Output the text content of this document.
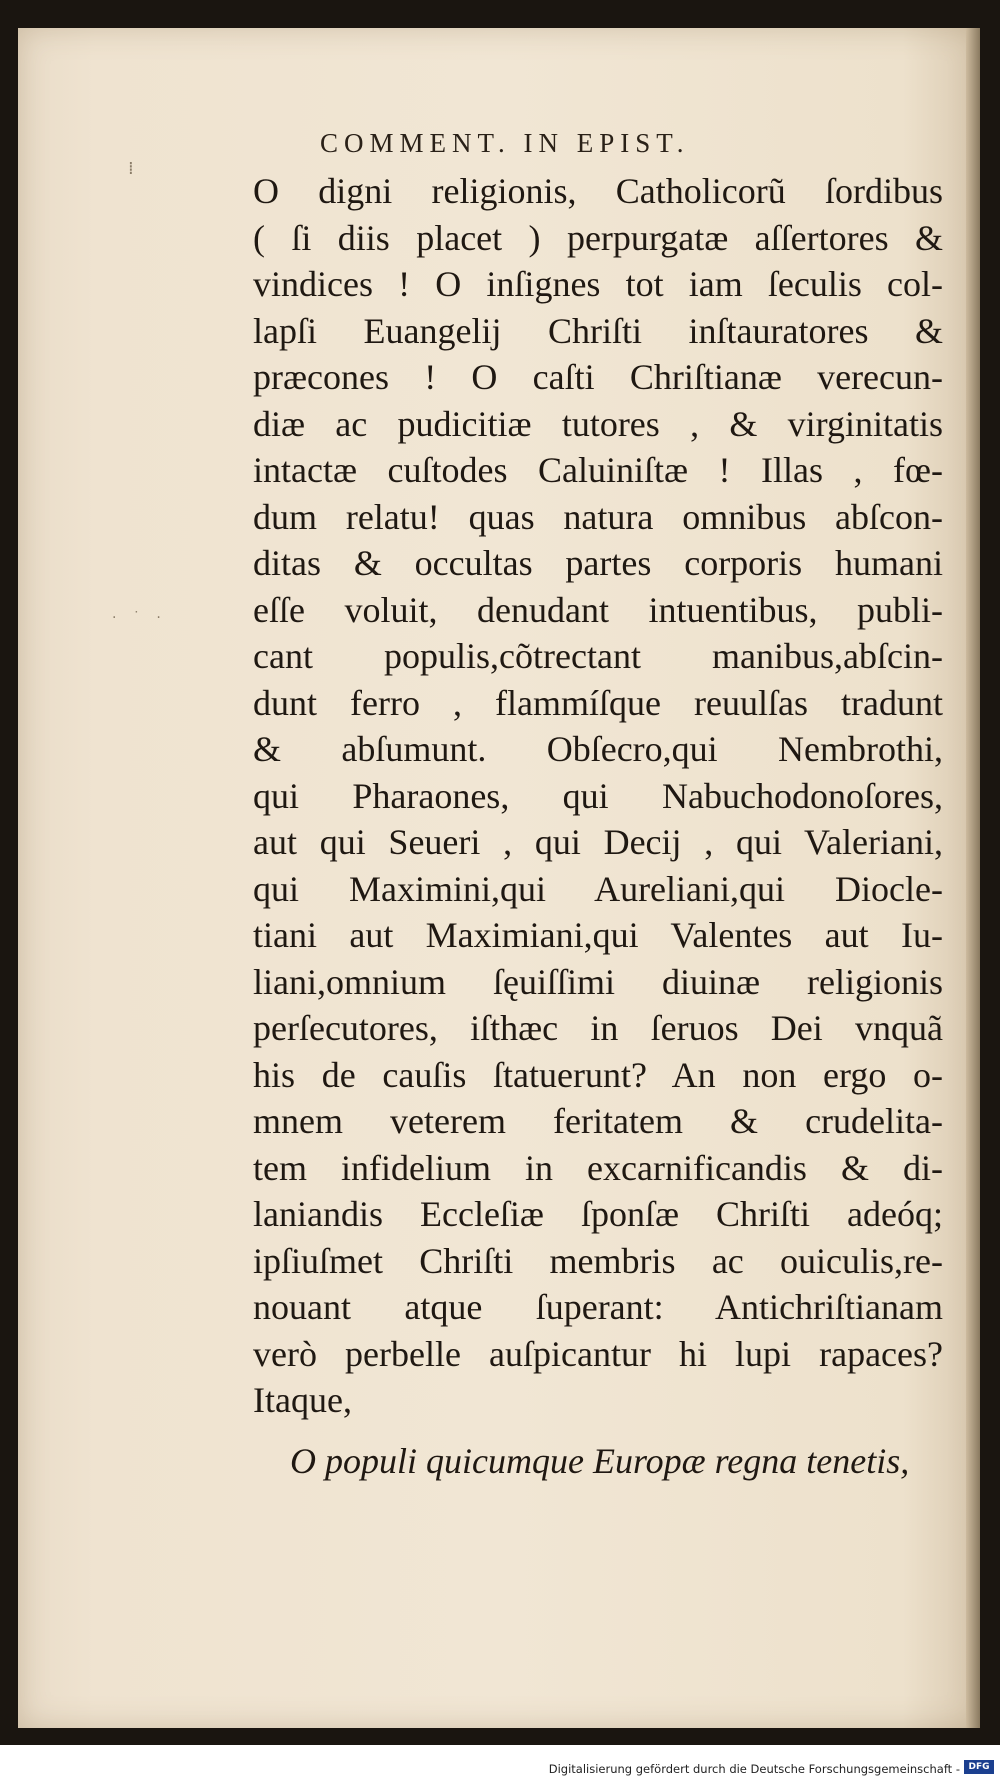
⁞
· ˙ ·
COMMENT. IN EPIST.
O digni religionis, Catholicorũ ſordibus
( ſi diis placet ) perpurgatæ aſſertores &
vindices ! O inſignes tot iam ſeculis col-
lapſi Euangelij Chriſti inſtauratores &
præcones ! O caſti Chriſtianæ verecun-
diæ ac pudicitiæ tutores , & virginitatis
intactæ cuſtodes Caluiniſtæ ! Illas , fœ-
dum relatu! quas natura omnibus abſcon-
ditas & occultas partes corporis humani
eſſe voluit, denudant intuentibus, publi-
cant populis,cõtrectant manibus,abſcin-
dunt ferro , flammíſque reuulſas tradunt
& abſumunt. Obſecro,qui Nembrothi,
qui Pharaones, qui Nabuchodonoſores,
aut qui Seueri , qui Decij , qui Valeriani,
qui Maximini,qui Aureliani,qui Diocle-
tiani aut Maximiani,qui Valentes aut Iu-
liani,omnium ſęuiſſimi diuinæ religionis
perſecutores, iſthæc in ſeruos Dei vnquã
his de cauſis ſtatuerunt? An non ergo o-
mnem veterem feritatem & crudelita-
tem infidelium in excarnificandis & di-
laniandis Eccleſiæ ſponſæ Chriſti adeóq;
ipſiuſmet Chriſti membris ac ouiculis,re-
nouant atque ſuperant: Antichriſtianam
verò perbelle auſpicantur hi lupi rapaces?
Itaque,
O populi quicumque Europæ regna tenetis,
Digitalisierung gefördert durch die Deutsche Forschungsgemeinschaft - DFG
